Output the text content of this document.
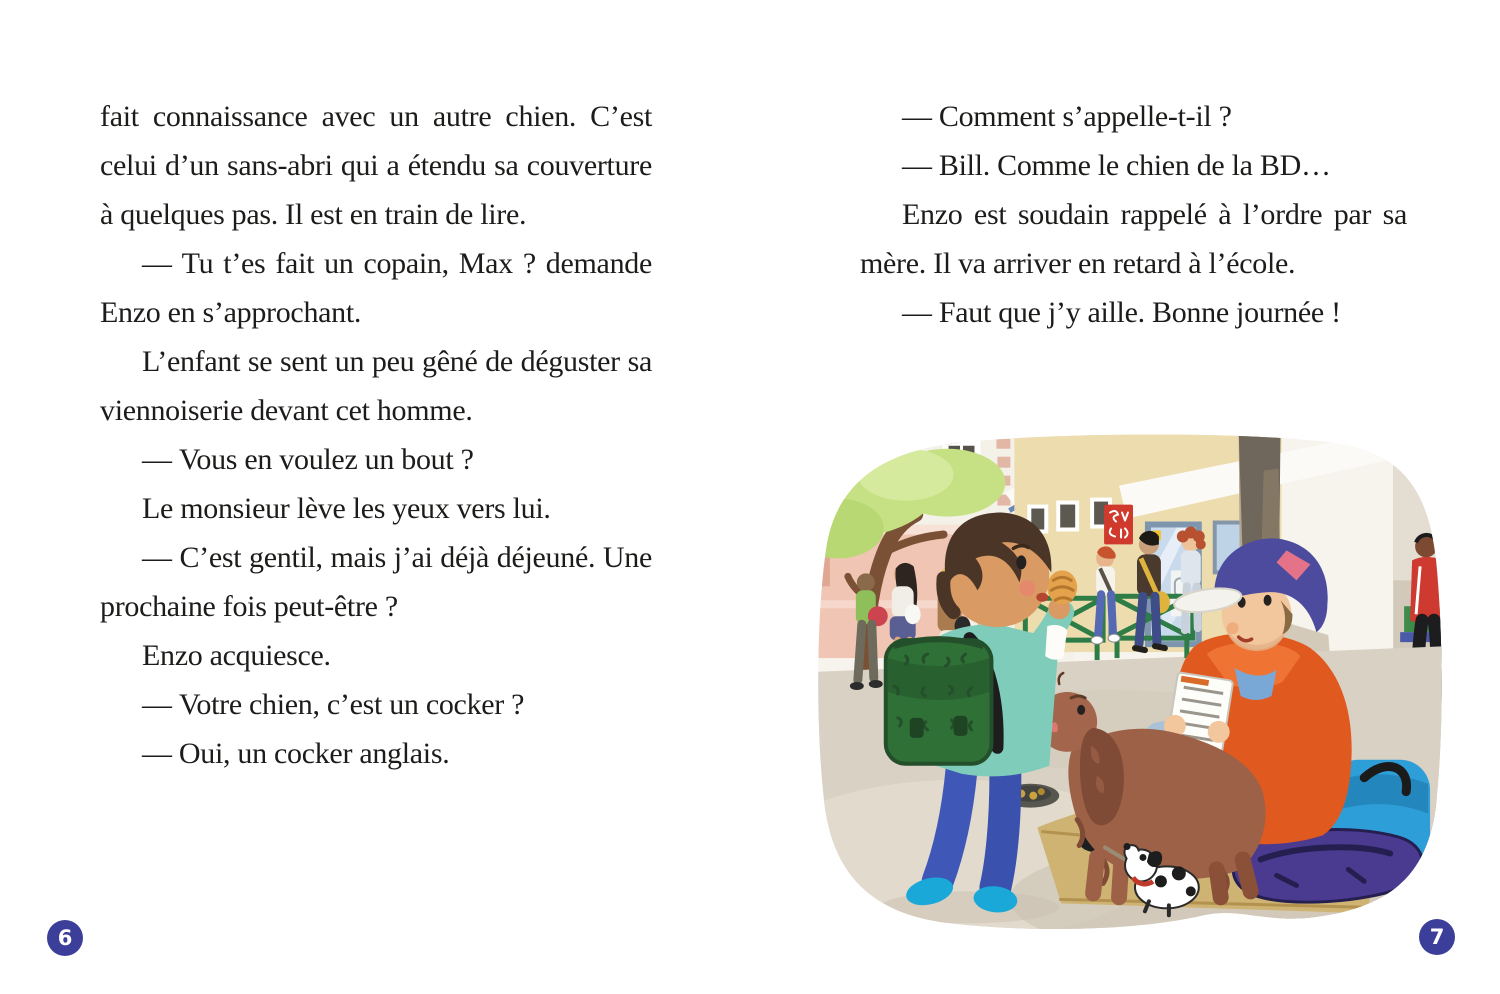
fait connaissance avec un autre chien. C’est celui d’un sans-abri qui a étendu sa couverture à quelques pas. Il est en train de lire.

— Tu t’es fait un copain, Max ? demande Enzo en s’approchant.

L’enfant se sent un peu gêné de déguster sa viennoiserie devant cet homme.

— Vous en voulez un bout ?

Le monsieur lève les yeux vers lui.

— C’est gentil, mais j’ai déjà déjeuné. Une prochaine fois peut-être ?

Enzo acquiesce.

— Votre chien, c’est un cocker ?

— Oui, un cocker anglais.

— Comment s’appelle-t-il ?

— Bill. Comme le chien de la BD…

Enzo est soudain rappelé à l’ordre par sa mère. Il va arriver en retard à l’école.

— Faut que j’y aille. Bonne journée !

6	7
